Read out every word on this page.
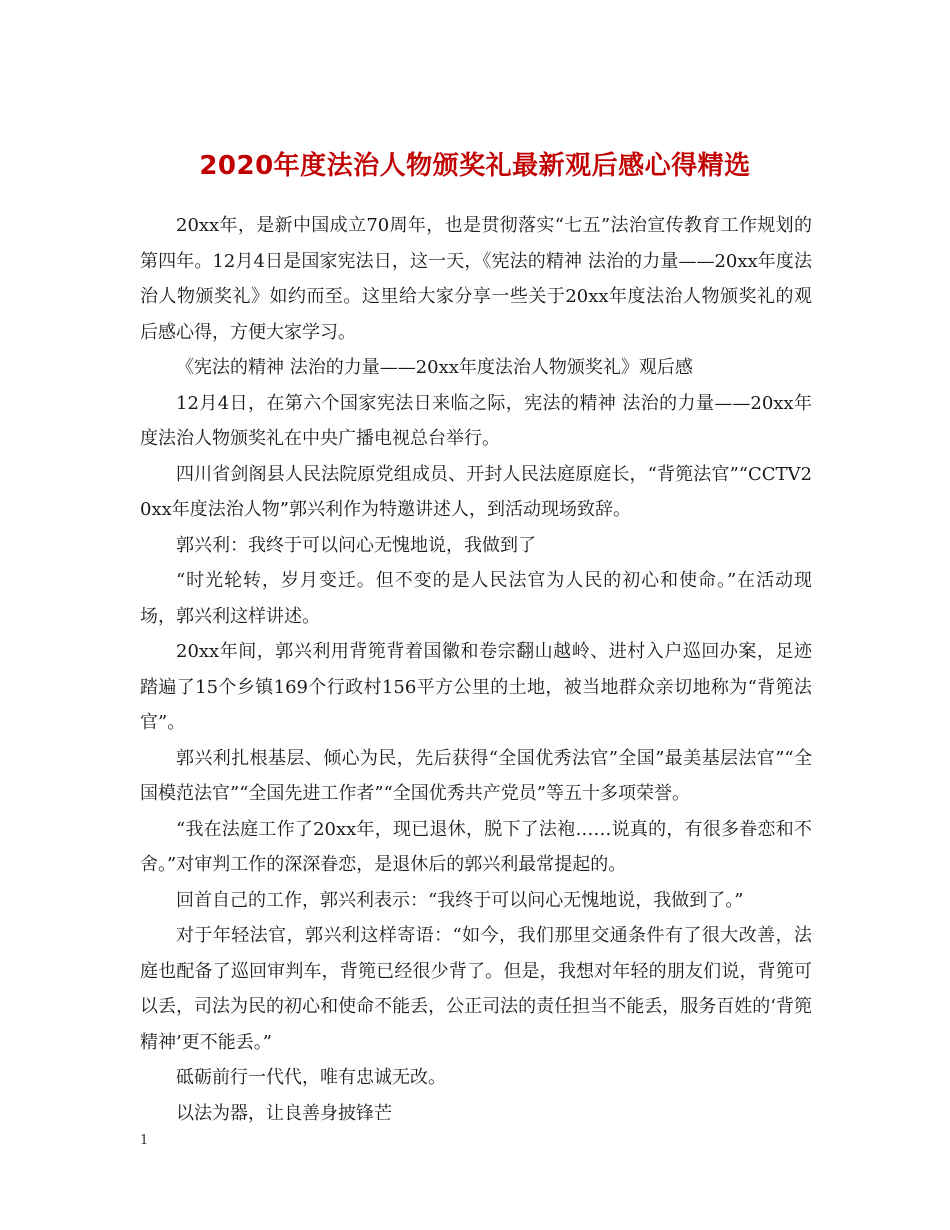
2020年度法治人物颁奖礼最新观后感心得精选

20xx年，是新中国成立70周年，也是贯彻落实“七五”法治宣传教育工作规划的第四年。12月4日是国家宪法日，这一天，《宪法的精神 法治的力量——20xx年度法治人物颁奖礼》如约而至。这里给大家分享一些关于20xx年度法治人物颁奖礼的观后感心得，方便大家学习。

《宪法的精神 法治的力量——20xx年度法治人物颁奖礼》观后感

12月4日，在第六个国家宪法日来临之际，宪法的精神 法治的力量——20xx年度法治人物颁奖礼在中央广播电视总台举行。

四川省剑阁县人民法院原党组成员、开封人民法庭原庭长，“背篼法官”“CCTV20xx年度法治人物”郭兴利作为特邀讲述人，到活动现场致辞。

郭兴利：我终于可以问心无愧地说，我做到了

“时光轮转，岁月变迁。但不变的是人民法官为人民的初心和使命。”在活动现场，郭兴利这样讲述。

20xx年间，郭兴利用背篼背着国徽和卷宗翻山越岭、进村入户巡回办案，足迹踏遍了15个乡镇169个行政村156平方公里的土地，被当地群众亲切地称为“背篼法官”。

郭兴利扎根基层、倾心为民，先后获得“全国优秀法官”全国”最美基层法官”“全国模范法官”“全国先进工作者”“全国优秀共产党员”等五十多项荣誉。

“我在法庭工作了20xx年，现已退休，脱下了法袍……说真的，有很多眷恋和不舍。”对审判工作的深深眷恋，是退休后的郭兴利最常提起的。

回首自己的工作，郭兴利表示：“我终于可以问心无愧地说，我做到了。”

对于年轻法官，郭兴利这样寄语：“如今，我们那里交通条件有了很大改善，法庭也配备了巡回审判车，背篼已经很少背了。但是，我想对年轻的朋友们说，背篼可以丢，司法为民的初心和使命不能丢，公正司法的责任担当不能丢，服务百姓的‘背篼精神’更不能丢。”

砥砺前行一代代，唯有忠诚无改。

以法为器，让良善身披锋芒

1
